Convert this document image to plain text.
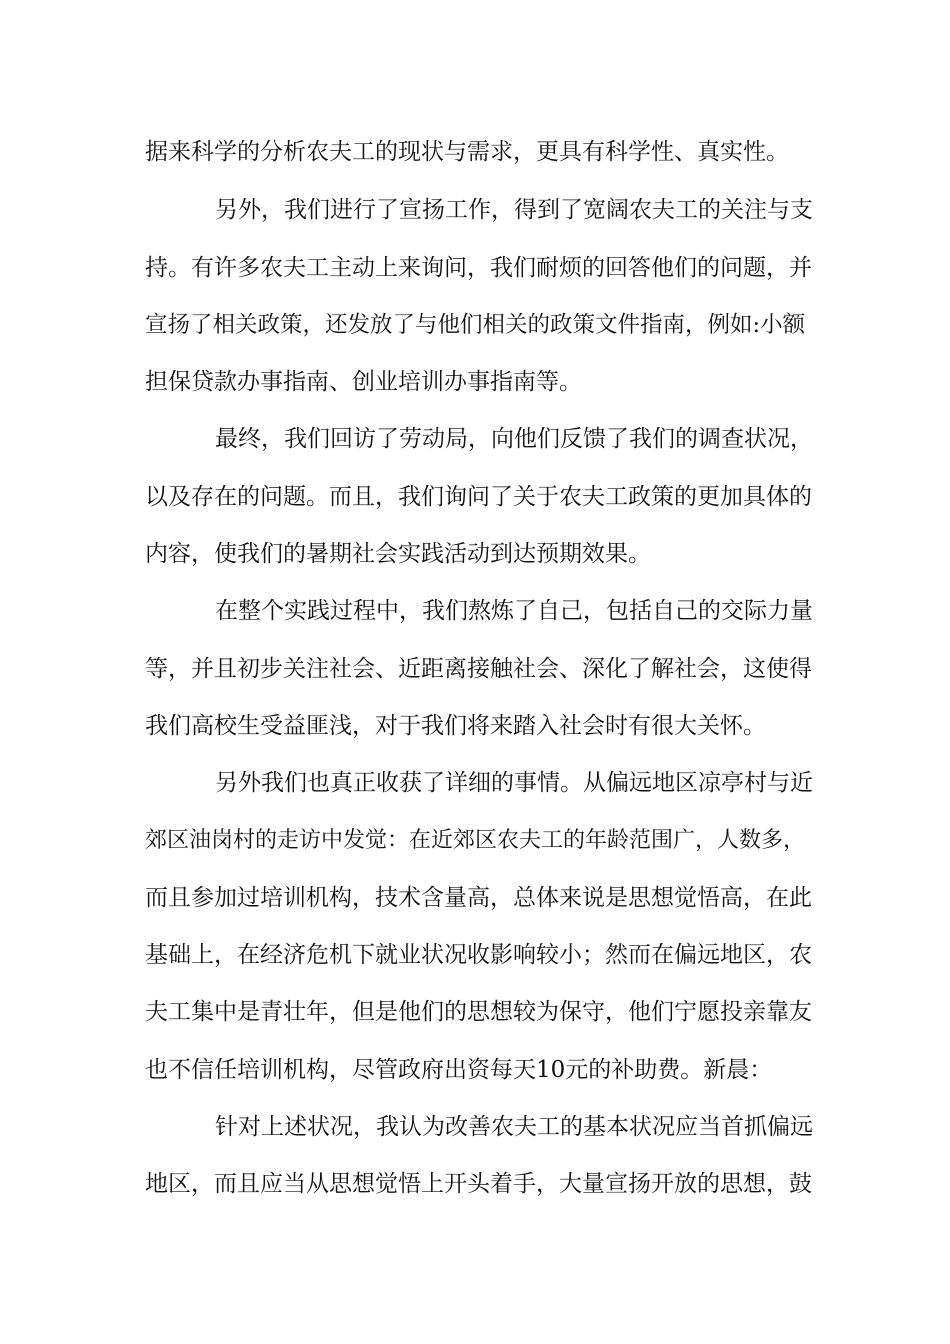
据来科学的分析农夫工的现状与需求，更具有科学性、真实性。
另外，我们进行了宣扬工作，得到了宽阔农夫工的关注与支
持。有许多农夫工主动上来询问，我们耐烦的回答他们的问题，并
宣扬了相关政策，还发放了与他们相关的政策文件指南，例如:小额
担保贷款办事指南、创业培训办事指南等。
最终，我们回访了劳动局，向他们反馈了我们的调查状况，
以及存在的问题。而且，我们询问了关于农夫工政策的更加具体的
内容，使我们的暑期社会实践活动到达预期效果。
在整个实践过程中，我们熬炼了自己，包括自己的交际力量
等，并且初步关注社会、近距离接触社会、深化了解社会，这使得
我们高校生受益匪浅，对于我们将来踏入社会时有很大关怀。
另外我们也真正收获了详细的事情。从偏远地区凉亭村与近
郊区油岗村的走访中发觉：在近郊区农夫工的年龄范围广，人数多，
而且参加过培训机构，技术含量高，总体来说是思想觉悟高，在此
基础上，在经济危机下就业状况收影响较小；然而在偏远地区，农
夫工集中是青壮年，但是他们的思想较为保守，他们宁愿投亲靠友
也不信任培训机构，尽管政府出资每天10元的补助费。新晨：
针对上述状况，我认为改善农夫工的基本状况应当首抓偏远
地区，而且应当从思想觉悟上开头着手，大量宣扬开放的思想，鼓
